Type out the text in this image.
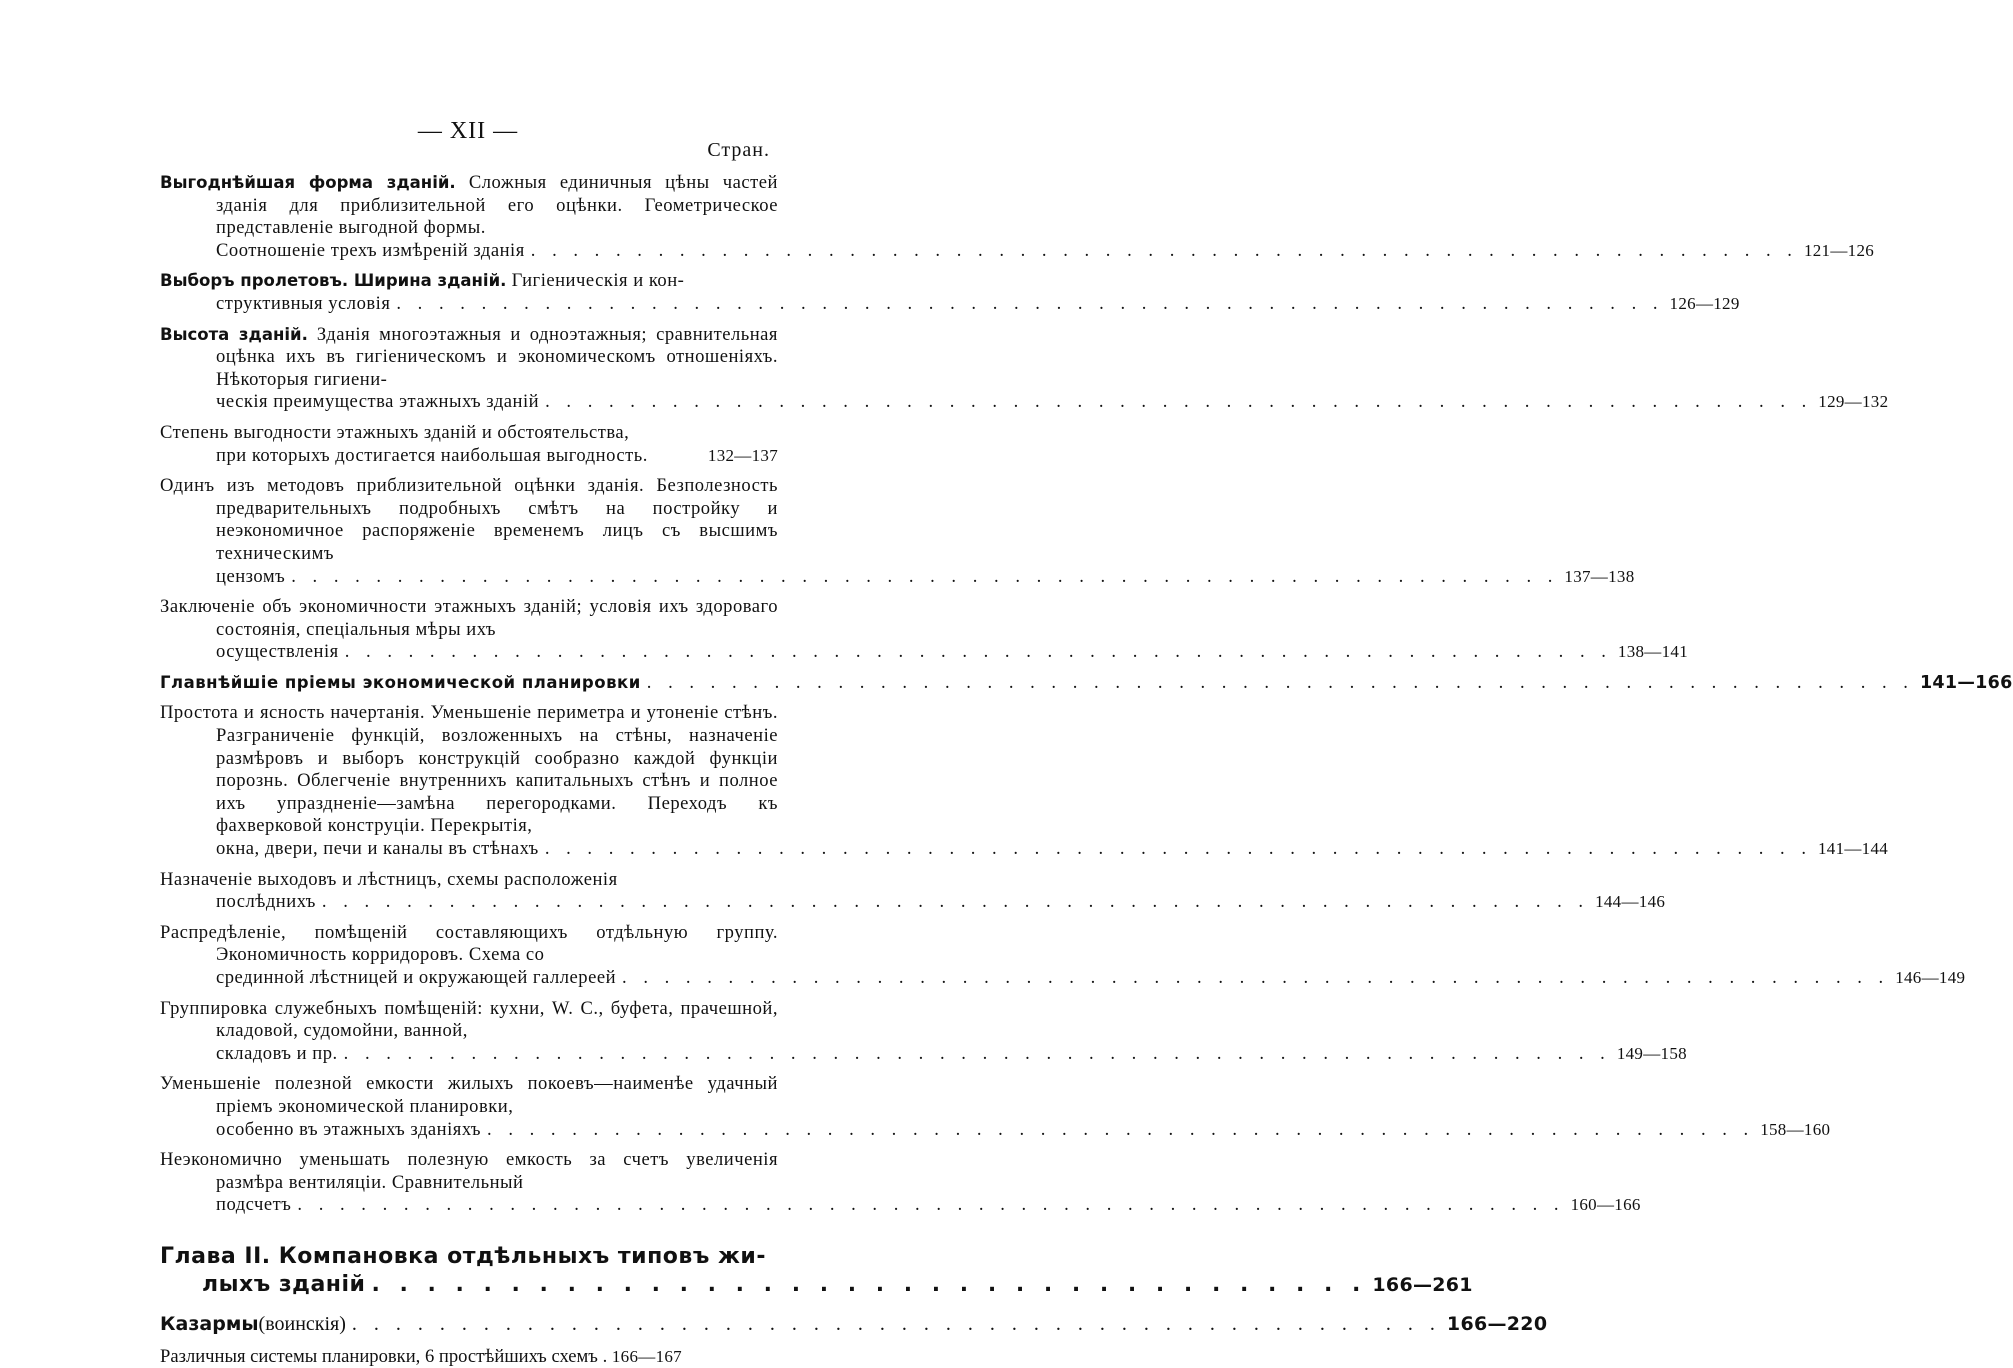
— XII —
Стран.
Выгоднѣйшая форма зданій. Сложныя единичныя цѣны частей зданія для приблизительной его оцѣнки. Геометрическое представленіе выгодной формы.
Соотношеніе трехъ измѣреній зданія . . . . . . . . . . . . . . . . . . . . . . . . . . . . . . . . . . . . . . . . . . . . . . . . . . . . . . . . . . . . 121—126
Выборъ пролетовъ. Ширина зданій. Гигіеническія и кон-
структивныя условія . . . . . . . . . . . . . . . . . . . . . . . . . . . . . . . . . . . . . . . . . . . . . . . . . . . . . . . . . . . . 126—129
Высота зданій. Зданія многоэтажныя и одноэтажныя; сравнительная оцѣнка ихъ въ гигіеническомъ и экономическомъ отношеніяхъ. Нѣкоторыя гигиени-
ческія преимущества этажныхъ зданій . . . . . . . . . . . . . . . . . . . . . . . . . . . . . . . . . . . . . . . . . . . . . . . . . . . . . . . . . . . . 129—132
Степень выгодности этажныхъ зданій и обстоятельства,
при которыхъ достигается наибольшая выгодность.	132—137
Одинъ изъ методовъ приблизительной оцѣнки зданія. Безполезность предварительныхъ подробныхъ смѣтъ на постройку и неэкономичное распоряженіе временемъ лицъ съ высшимъ техническимъ
цензомъ . . . . . . . . . . . . . . . . . . . . . . . . . . . . . . . . . . . . . . . . . . . . . . . . . . . . . . . . . . . . 137—138
Заключеніе объ экономичности этажныхъ зданій; условія ихъ здороваго состоянія, спеціальныя мѣры ихъ
осуществленія . . . . . . . . . . . . . . . . . . . . . . . . . . . . . . . . . . . . . . . . . . . . . . . . . . . . . . . . . . . . 138—141
Главнѣйшіе пріемы экономической планировки . . . . . . . . . . . . . . . . . . . . . . . . . . . . . . . . . . . . . . . . . . . . . . . . . . . . . . . . . . . . 141—166
Простота и ясность начертанія. Уменьшеніе периметра и утоненіе стѣнъ. Разграниченіе функцій, возложенныхъ на стѣны, назначеніе размѣровъ и выборъ конструкцій сообразно каждой функціи порознь. Облегченіе внутреннихъ капитальныхъ стѣнъ и полное ихъ упраздненіе—замѣна перегородками. Переходъ къ фахверковой конструціи. Перекрытія,
окна, двери, печи и каналы въ стѣнахъ . . . . . . . . . . . . . . . . . . . . . . . . . . . . . . . . . . . . . . . . . . . . . . . . . . . . . . . . . . . . 141—144
Назначеніе выходовъ и лѣстницъ, схемы расположенія
послѣднихъ . . . . . . . . . . . . . . . . . . . . . . . . . . . . . . . . . . . . . . . . . . . . . . . . . . . . . . . . . . . . 144—146
Распредѣленіе, помѣщеній составляющихъ отдѣльную группу. Экономичность корридоровъ. Схема со
срединной лѣстницей и окружающей галлереей . . . . . . . . . . . . . . . . . . . . . . . . . . . . . . . . . . . . . . . . . . . . . . . . . . . . . . . . . . . . 146—149
Группировка служебныхъ помѣщеній: кухни, W. C., буфета, прачешной, кладовой, судомойни, ванной,
складовъ и пр. . . . . . . . . . . . . . . . . . . . . . . . . . . . . . . . . . . . . . . . . . . . . . . . . . . . . . . . . . . . . 149—158
Уменьшеніе полезной емкости жилыхъ покоевъ—наименѣе удачный пріемъ экономической планировки,
особенно въ этажныхъ зданіяхъ . . . . . . . . . . . . . . . . . . . . . . . . . . . . . . . . . . . . . . . . . . . . . . . . . . . . . . . . . . . . 158—160
Неэкономично уменьшать полезную емкость за счетъ увеличенія размѣра вентиляціи. Сравнительный
подсчетъ . . . . . . . . . . . . . . . . . . . . . . . . . . . . . . . . . . . . . . . . . . . . . . . . . . . . . . . . . . . . 160—166
Глава II. Компановка отдѣльныхъ типовъ жи-
лыхъ зданій . . . . . . . . . . . . . . . . . . . . . . . . . . . . . . . . . . . . 166—261
Казармы (воинскія) . . . . . . . . . . . . . . . . . . . . . . . . . . . . . . . . . . . . . . . . . . . . . . . . . . 166—220
Различныя системы планировки, 6 простѣйшихъ схемъ . 166—167
